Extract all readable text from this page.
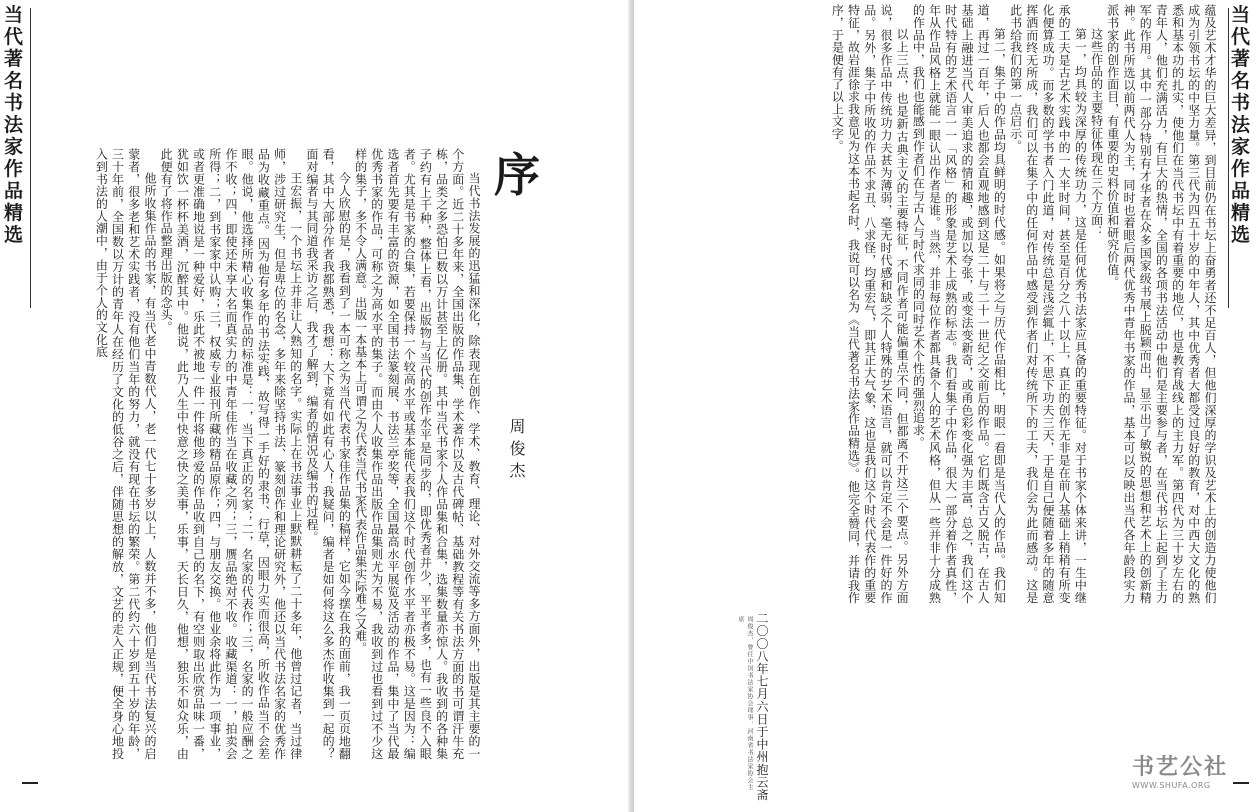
当代著名书法家作品精选
序
周俊杰

当代书法发展的迅猛和深化，除表现在创作、学术、教育、理论、对外交流等多方面外，出版是其主要的一个方面。近二十多年来，全国出版的作品集、学术著作以及古代碑帖、基础教程等有关书法方面的书可谓汗牛充栋，品类之多恐怕已数以万计甚至上亿册。其中当代书家个人作品集和合集，选集数量亦惊人。我收到的各种集子约有上千种，整体上看，出版物与当代的创作水平是同步的，即优秀者并少，平平者多，也有一些良不入眼者。尤其是书家的合集，若要保持一个较高水平或基本能代表我们这个时代创作水平者亦极不易。这是因为：编选者首先要有丰富的资源，如全国书法篆刻展、书法兰亭奖等，全国最高水平展览及活动的作品，集中了当代最优秀书家的作品，可称之为高水平的集子。而由个人收集作品出版作品集则尤为不易，我收到过也看到过不少这样的集子，多不令人满意。出版一本基本上可谓之为代表当代书家代表作品集实际难之又难。

今人欣慰的是，我看到了一本可称之为当代代表书家佳作品集的稿样，它如今摆在我的面前，我一页页地翻看，其中大部分作者我都熟悉，我想：大下竟有如此有心人！我疑问，编者是如何将这么多杰作收集到一起的？面对编者与其同道我采访之后，我才了解到，编者的情况及编书的过程。

王宏振，一个书坛上并非让人熟知的名字。实际上在书法事业上默默耕耘了二十多年，他曾过记者，当过律师，涉过研究生，但是卑位的名念，多年来除坚持书法、篆刻创作和理论研究外，他还以当代书法名家的优秀作品为收藏重点。因为他有多年的书法实践，故写得一手好的隶书、行草，因眼力实而很高，所收作品当不会差眼。他说，他选择所精心收集作品的标准是：一，当下真正的名家；二，名家的代表作；三，名家的一般应酬之作不收；四，即使还未享大名而真实力的中青年佳作当在收藏之列；三，赝品绝对不收。收藏渠道：一，拍卖会所得；二，到书家家中认购；三，权威专业报刊所藏的精品原作；四，与朋友交换。他业余将此作为一项事业，或者更准确地说是一种爱好，乐此不被地一件一件将他珍爱的作品收到自己的名下，有空则取出欣赏品味一番，犹如饮一杯杯美酒，沉醉其中。他说，此乃人生中快意之快之美事，乐事，天长日久，他想，独乐不如众乐，由此便有了将作品整理出版的念头。

他所收集作品的书家，有当代老中青数代人，老一代七十多岁以上，人数并不多，他们是当代书法复兴的启蒙者，很多老和艺术实践者，没有他们当年的努力，就没有现在书坛的繁荣。第二代约六十岁到五十岁的年龄，三十年前，全国数以万计的青年人在经历了文化的低谷之后，伴随思想的解放，文艺的走入正规，便全身心地投入到书法的人潮中，由于个人的文化底

当代著名书法家作品精选

蕴及艺术才华的巨大差异，到目前仍在书坛上奋勇者还不足百人，但他们深厚的学识及艺术上的创造力使他们成为引领书坛的中坚力量。第三代为四五十岁的中年人，其中优秀者大都受过良好的教育，对中西大文化的熟悉和基本功的扎实，使他们在当代书坛中有着重要的地位，也是教育战线上的主力军。第四代为三十岁左右的青年人，他们充满活力，有巨大的热情，全国的各项书法活动中他们是主要参与者，在当代书坛上起到了主力军的作用。其中一部分特别有才华者在众多国家级书展上脱颖而出，显示出了敏锐的思想和艺术上的创新精神。此书所选以前两代人为主，同时也着眼后两代优秀中青年书家的作品，基本可以反映出当代各年龄段实力派书家的创作面目，有重要的史料价值和研究价值。

这些作品的主要特征体现在三个方面：

第一，均具较为深厚的传统功力，这是任何优秀书法家应具备的重要特征。对于书家个体来讲，一生中继承的工夫是古艺术实践中的一大半时间，甚至是百分之八十以上，真正的创作无非是在前人基础上稍稍有所变化便算成功。而多数的学书者入门此道，对传统总是浅尝辄止，不思下功夫三天，于是自己便随着多年的随意挥洒而终无所成，我们可以在集子中的任何作品中感受到作者们对传统所下的工夫，我们会为此而感动。这是此书给我们的第一点启示。

第二，集子中的作品均具鲜明的时代感。如果将之与历代作品相比，明眼一看即是当代人的作品。我们知道，再过一百年，后人也都会直观地感到这是二十与二十一世纪之交前后的作品。它们既含古又脱古，在古人基础上融进当代人审美追求的情和趣，或加以夸张，或变法变新奇，或甬色彩变化强为丰富，总之，我们这个时代特有的艺术语言一一「风格」的形象是艺术上成熟的标志。我们看集子中作品，很大一部分着作者真性，年从作品风格上就能一眼认出作者是谁。当然，并非每位作者都具备个人的艺术风格，但从一些并非十分成熟的作品中，我们也能感到作者们在与古人与时代求同的同时艺术个性的强烈追求。

以上三点，也是新古典主义的主要特征，不同作者可能偏重点不同，但都离不开这三个要点。另外方面说，很多作品中传统功力夫甚为薄弱，毫无时代感和缺乏个人特殊的艺术语言，就可以肯定不会是一件好的作品。另外，集子中所收的作品不求丑、八求怪，均重宏气，即其正大气象，这也是我们这个时代代表作的重要特征，故岩涯徐求我意见为这本书起名时，我说可以名为《当代著名书法家作品精选》。他完全赞同，并请我作序，于是便有了以上文字。

二〇〇八年七月六日于中州抱云斋
周俊杰，曾任中国书法家协会理事、河南省书法家协会主席
书艺公社
WWW.SHUFA.ORG
